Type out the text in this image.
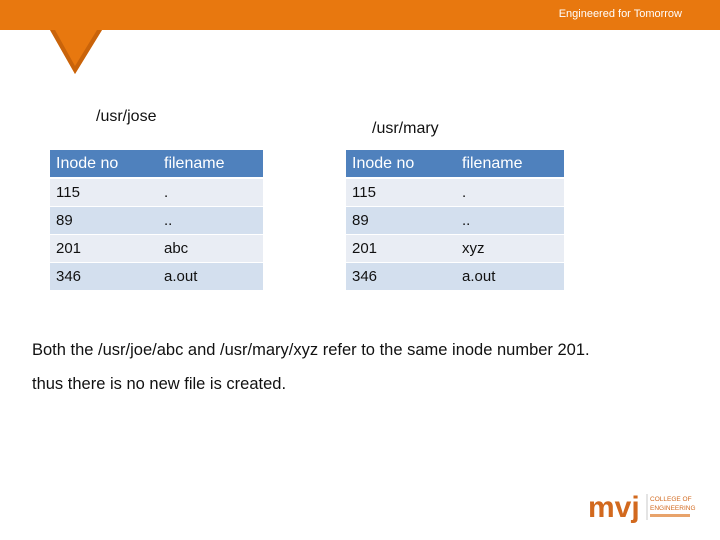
Engineered for Tomorrow
/usr/jose
/usr/mary
Inode no	filename
115	.
89	..
201	abc
346	a.out
Inode no	filename
115	.
89	..
201	xyz
346	a.out
Both the /usr/joe/abc and /usr/mary/xyz refer to the same inode number 201.
thus there is no new file is created.
mvj COLLEGE OF
ENGINEERING
